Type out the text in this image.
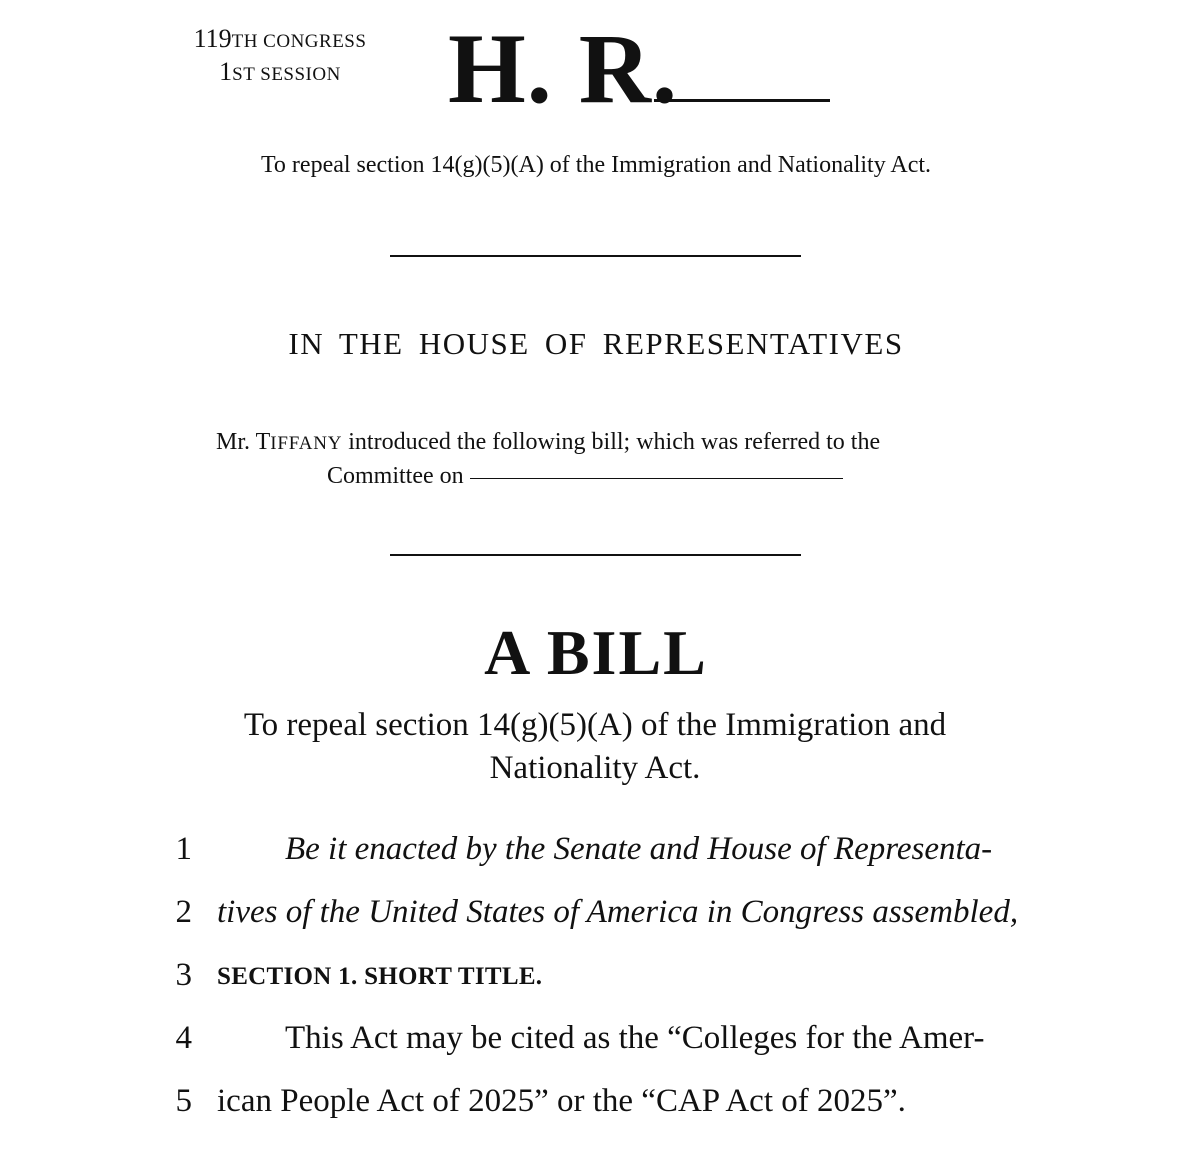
119TH CONGRESS
1ST SESSION	H. R.
To repeal section 14(g)(5)(A) of the Immigration and Nationality Act.
IN THE HOUSE OF REPRESENTATIVES
Mr. TIFFANY introduced the following bill; which was referred to the
Committee on
A BILL
To repeal section 14(g)(5)(A) of the Immigration and
Nationality Act.
1	Be it enacted by the Senate and House of Representa-
2 tives of the United States of America in Congress assembled,
3 SECTION 1. SHORT TITLE.
4	This Act may be cited as the “Colleges for the Amer-
5 ican People Act of 2025” or the “CAP Act of 2025”.
